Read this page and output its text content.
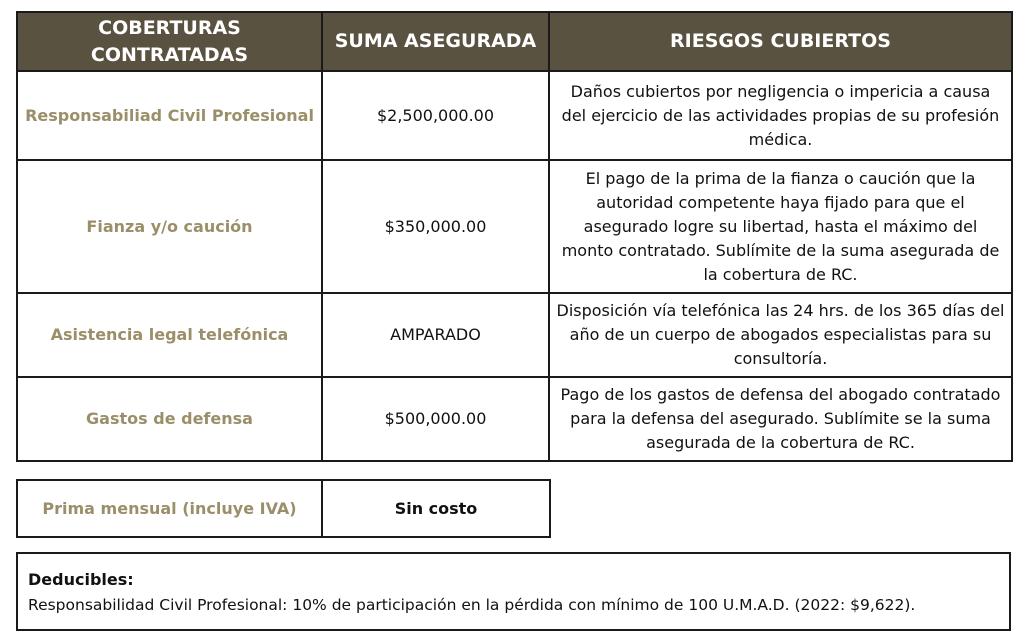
COBERTURAS CONTRATADAS	SUMA ASEGURADA	RIESGOS CUBIERTOS
Responsabiliad Civil Profesional	$2,500,000.00	Daños cubiertos por negligencia o impericia a causa del ejercicio de las actividades propias de su profesión médica.
Fianza y/o caución	$350,000.00	El pago de la prima de la fianza o caución que la autoridad competente haya fijado para que el asegurado logre su libertad, hasta el máximo del monto contratado. Sublímite de la suma asegurada de la cobertura de RC.
Asistencia legal telefónica	AMPARADO	Disposición vía telefónica las 24 hrs. de los 365 días del año de un cuerpo de abogados especialistas para su consultoría.
Gastos de defensa	$500,000.00	Pago de los gastos de defensa del abogado contratado para la defensa del asegurado. Sublímite se la suma asegurada de la cobertura de RC.
Prima mensual (incluye IVA)	Sin costo
Deducibles:
Responsabilidad Civil Profesional: 10% de participación en la pérdida con mínimo de 100 U.M.A.D. (2022: $9,622).
